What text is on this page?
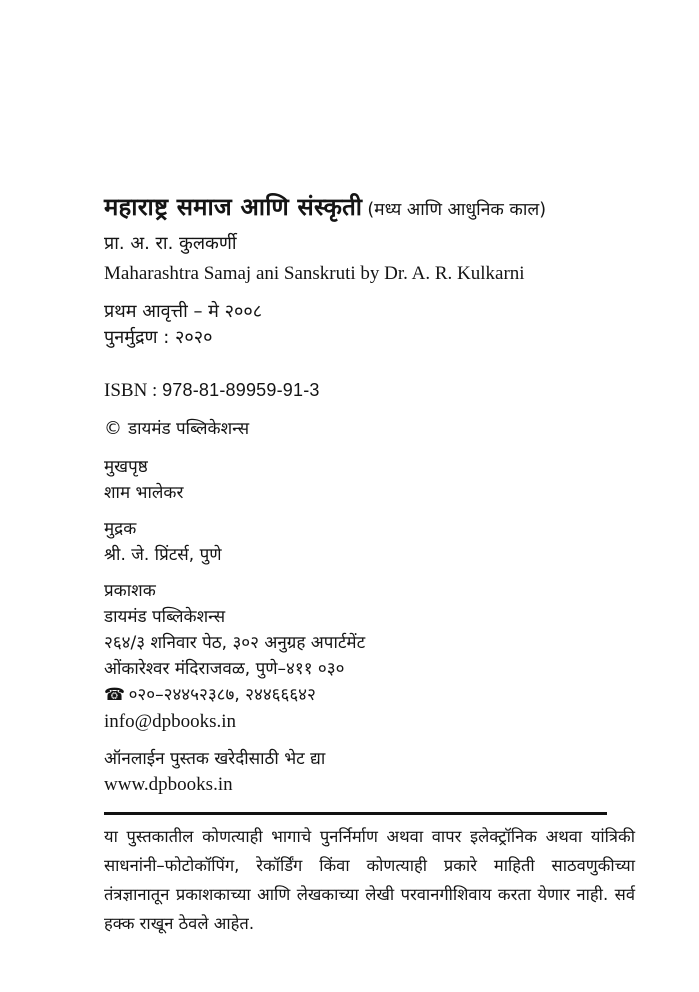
महाराष्ट्र समाज आणि संस्कृती (मध्य आणि आधुनिक काल)
प्रा. अ. रा. कुलकर्णी
Maharashtra Samaj ani Sanskruti by Dr. A. R. Kulkarni
प्रथम आवृत्ती – मे २००८
पुनर्मुद्रण : २०२०
ISBN : 978-81-89959-91-3
© डायमंड पब्लिकेशन्स
मुखपृष्ठ
शाम भालेकर
मुद्रक
श्री. जे. प्रिंटर्स, पुणे
प्रकाशक
डायमंड पब्लिकेशन्स
२६४/३ शनिवार पेठ, ३०२ अनुग्रह अपार्टमेंट
ओंकारेश्वर मंदिराजवळ, पुणे–४११ ०३०
☎  ०२०–२४४५२३८७, २४४६६६४२
info@dpbooks.in
ऑनलाईन पुस्तक खरेदीसाठी भेट द्या
www.dpbooks.in

या पुस्तकातील कोणत्याही भागाचे पुनर्निर्माण अथवा वापर इलेक्ट्रॉनिक अथवा यांत्रिकी साधनांनी–फोटोकॉपिंग, रेकॉर्डिंग किंवा कोणत्याही प्रकारे माहिती साठवणुकीच्या तंत्रज्ञानातून प्रकाशकाच्या आणि लेखकाच्या लेखी परवानगीशिवाय करता येणार नाही. सर्व हक्क राखून ठेवले आहेत.
